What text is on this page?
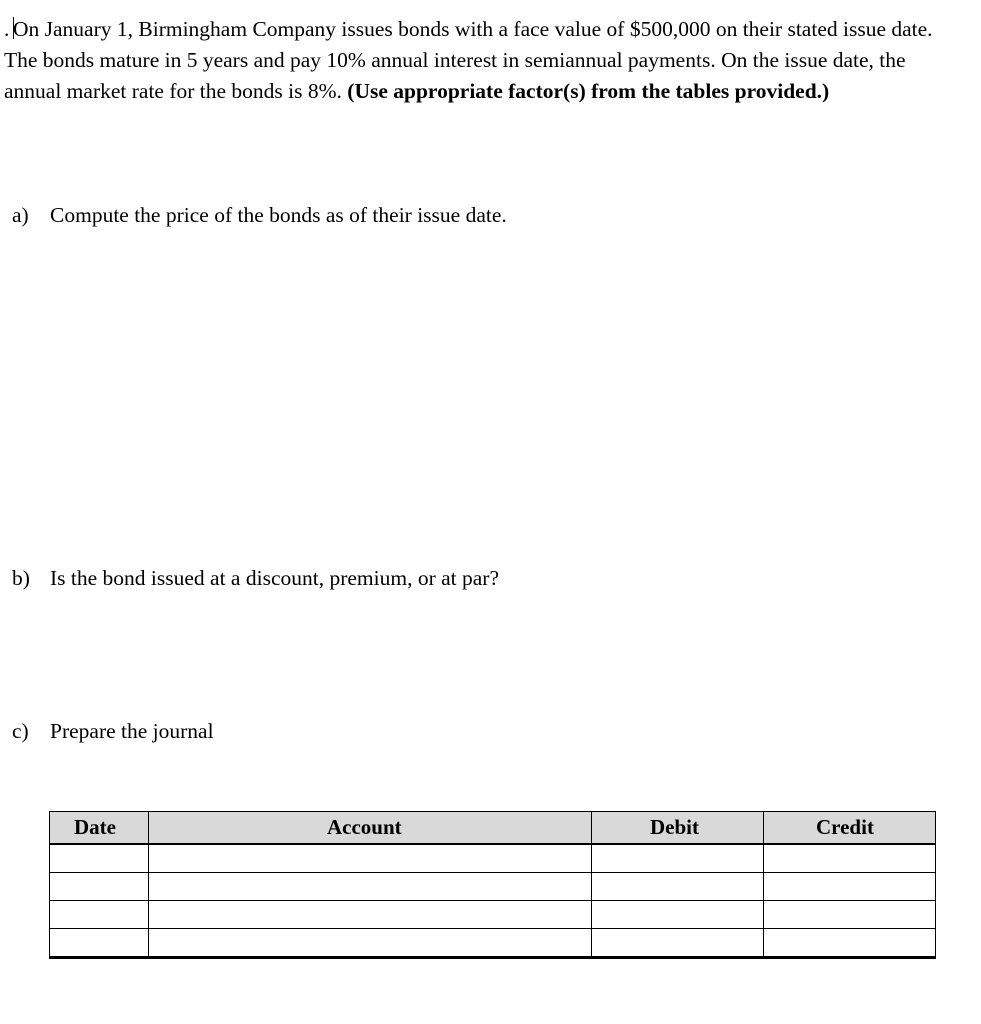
. On January 1, Birmingham Company issues bonds with a face value of $500,000 on their stated issue date. The bonds mature in 5 years and pay 10% annual interest in semiannual payments. On the issue date, the annual market rate for the bonds is 8%. (Use appropriate factor(s) from the tables provided.)
a) Compute the price of the bonds as of their issue date.
b) Is the bond issued at a discount, premium, or at par?
c) Prepare the journal
Date	Account	Debit	Credit
